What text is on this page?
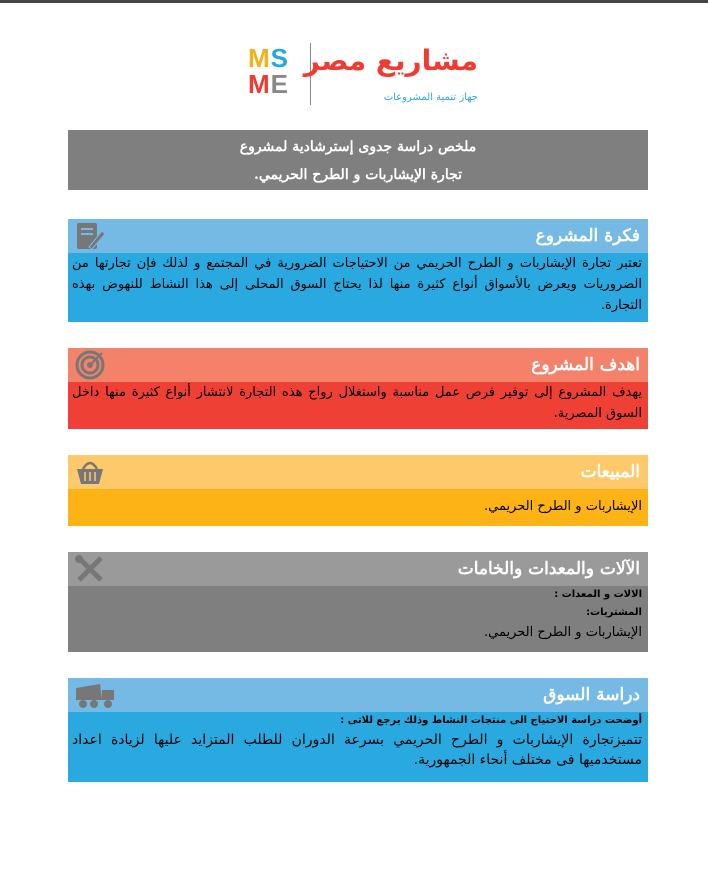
MS
ME
مشاريع مصر
جهاز تنمية المشروعات
ملخص دراسة جدوى إسترشادية لمشروع
تجارة الإيشاربات و الطرح الحريمي.
فكرة المشروع
تعتبر تجارة الإيشاربات و الطرح الحريمي من الاحتياجات الضرورية في المجتمع و لذلك فإن تجارتها من الضروريات ويعرض بالأسواق أنواع كثيرة منها لذا يحتاج السوق المحلى إلى هذا النشاط للنهوض بهذه التجارة.
اهدف المشروع
يهدف المشروع إلى توفير فرص عمل مناسبة واستغلال رواج هذه التجارة لانتشار أنواع كثيرة منها داخل السوق المصرية.
المبيعات
الإيشاربات و الطرح الحريمي.
الآلات والمعدات والخامات
الالات و المعدات :
المشتريات:
الإيشاربات و الطرح الحريمي.
دراسة السوق
أوضحت دراسة الاحتياج الى منتجات النشاط وذلك يرجع للاتى :
تتميزتجارة الإيشاربات و الطرح الحريمي بسرعة الدوران للطلب المتزايد عليها لزيادة اعداد مستخدميها فى مختلف أنحاء الجمهورية.
